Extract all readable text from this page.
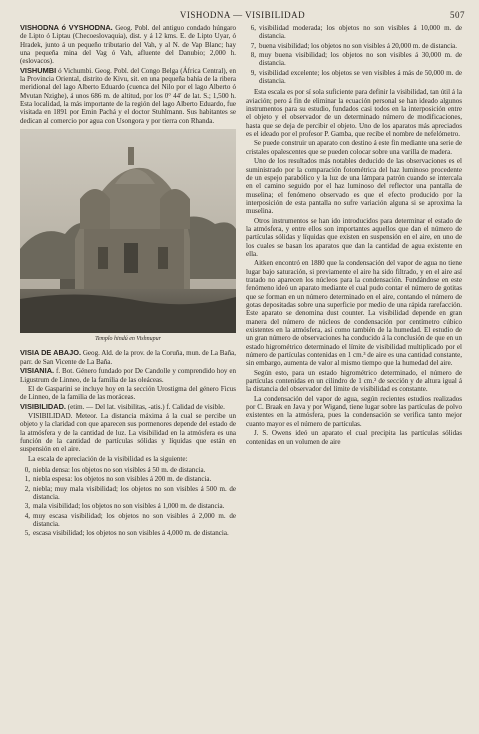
VISHODNA — VISIBILIDAD	507

VISHODNA ó VYSHODNA. Geog. Pobl. del antiguo condado húngaro de Lipto ó Liptau (Checoeslovaquia), dist. y á 12 kms. E. de Lipto Uyar, ó Hradek, junto á un pequeño tributario del Vah, y al N. de Vap Blanc; hay una pequeña mina del Vag ó Vah, afluente del Danubio; 2,000 h. (eslovacos).

VISHUMBI ó Vichumbi. Geog. Pobl. del Congo Belga (África Central), en la Provincia Oriental, distrito de Kivu, sit. en una pequeña bahía de la ribera meridional del lago Alberto Eduardo (cuenca del Nilo por el lago Alberto ó Mvutan Nzighe), á unos 686 m. de altitud, por los 0° 44′ de lat. S.; 1,500 h. Esta localidad, la más importante de la región del lago Alberto Eduardo, fue visitada en 1891 por Emin Pachá y el doctor Stuhlmann. Sus habitantes se dedican al comercio por agua con Usongora y por tierra con Rhanda.

Templo hindú en Vishnupur

VISIA DE ABAJO. Geog. Ald. de la prov. de la Coruña, mun. de La Baña, parr. de San Vicente de La Baña.

VISIANIA. f. Bot. Género fundado por De Candolle y comprendido hoy en Ligustrum de Linneo, de la familia de las oleáceas.

El de Gasparini se incluye hoy en la sección Urostigma del género Ficus de Linneo, de la familia de las moráceas.

VISIBILIDAD. (etim. — Del lat. visibilitas, -atis.) f. Calidad de visible.

VISIBILIDAD. Meteor. La distancia máxima á la cual se percibe un objeto y la claridad con que aparecen sus pormenores depende del estado de la atmósfera y de la cantidad de luz. La visibilidad en la atmósfera es una función de la cantidad de partículas sólidas y líquidas que están en suspensión en el aire.

La escala de apreciación de la visibilidad es la siguiente:

0, niebla densa: los objetos no son visibles á 50 m. de distancia.
1, niebla espesa: los objetos no son visibles á 200 m. de distancia.
2, niebla; muy mala visibilidad; los objetos no son visibles á 500 m. de distancia.
3, mala visibilidad; los objetos no son visibles á 1,000 m. de distancia.
4, muy escasa visibilidad; los objetos no son visibles á 2,000 m. de distancia.
5, escasa visibilidad; los objetos no son visibles á 4,000 m. de distancia.
6, visibilidad moderada; los objetos no son visibles á 10,000 m. de distancia.
7, buena visibilidad; los objetos no son visibles á 20,000 m. de distancia.
8, muy buena visibilidad; los objetos no son visibles á 30,000 m. de distancia.
9, visibilidad excelente; los objetos se ven visibles á más de 50,000 m. de distancia.

Esta escala es por sí sola suficiente para definir la visibilidad, tan útil á la aviación; pero á fin de eliminar la ecuación personal se han ideado algunos instrumentos para su estudio, fundados casi todos en la interposición entre el objeto y el observador de un determinado número de modificaciones, hasta que se deja de percibir el objeto. Uno de los aparatos más apreciados es el ideado por el profesor P. Gamba, que recibe el nombre de nefelómetro.

Se puede construir un aparato con destino á este fin mediante una serie de cristales opalescentes que se pueden colocar sobre una varilla de madera.

Uno de los resultados más notables deducido de las observaciones es el suministrado por la comparación fotométrica del haz luminoso procedente de un espejo parabólico y la luz de una lámpara patrón cuando se intercala en el camino seguido por el haz luminoso del reflector una pantalla de muselina; el fenómeno observado es que el efecto producido por la interposición de esta pantalla no sufre variación alguna si se aproxima la muselina.

Otros instrumentos se han ido introducidos para determinar el estado de la atmósfera, y entre ellos son importantes aquellos que dan el número de partículas sólidas y líquidas que existen en suspensión en el aire, en uno de los cuales se basan los aparatos que dan la cantidad de agua existente en ella.

Aitken encontró en 1880 que la condensación del vapor de agua no tiene lugar bajo saturación, si previamente el aire ha sido filtrado, y en el aire así tratado no aparecen los núcleos para la condensación. Fundándose en este fenómeno ideó un aparato mediante el cual pudo contar el número de gotitas que se forman en un número determinado en el aire, contando el número de gotas depositadas sobre una superficie por medio de una rápida rarefacción. Este aparato se denomina dust counter. La visibilidad depende en gran manera del número de núcleos de condensación por centímetro cúbico existentes en la atmósfera, así como también de la humedad. El estudio de un gran número de observaciones ha conducido á la conclusión de que en un estado higrométrico determinado el límite de visibilidad multiplicado por el número de partículas contenidas en 1 cm.³ de aire es una cantidad constante, sin embargo, aumenta de valor al mismo tiempo que la humedad del aire.

Según esto, para un estado higrométrico determinado, el número de partículas contenidas en un cilindro de 1 cm.² de sección y de altura igual á la distancia del observador del límite de visibilidad es constante.

La condensación del vapor de agua, según recientes estudios realizados por C. Braak en Java y por Wigand, tiene lugar sobre las partículas de polvo existentes en la atmósfera, pues la condensación se verifica tanto mejor cuanto mayor es el número de partículas.

J. S. Owens ideó un aparato el cual precipita las partículas sólidas contenidas en un volumen de aire
